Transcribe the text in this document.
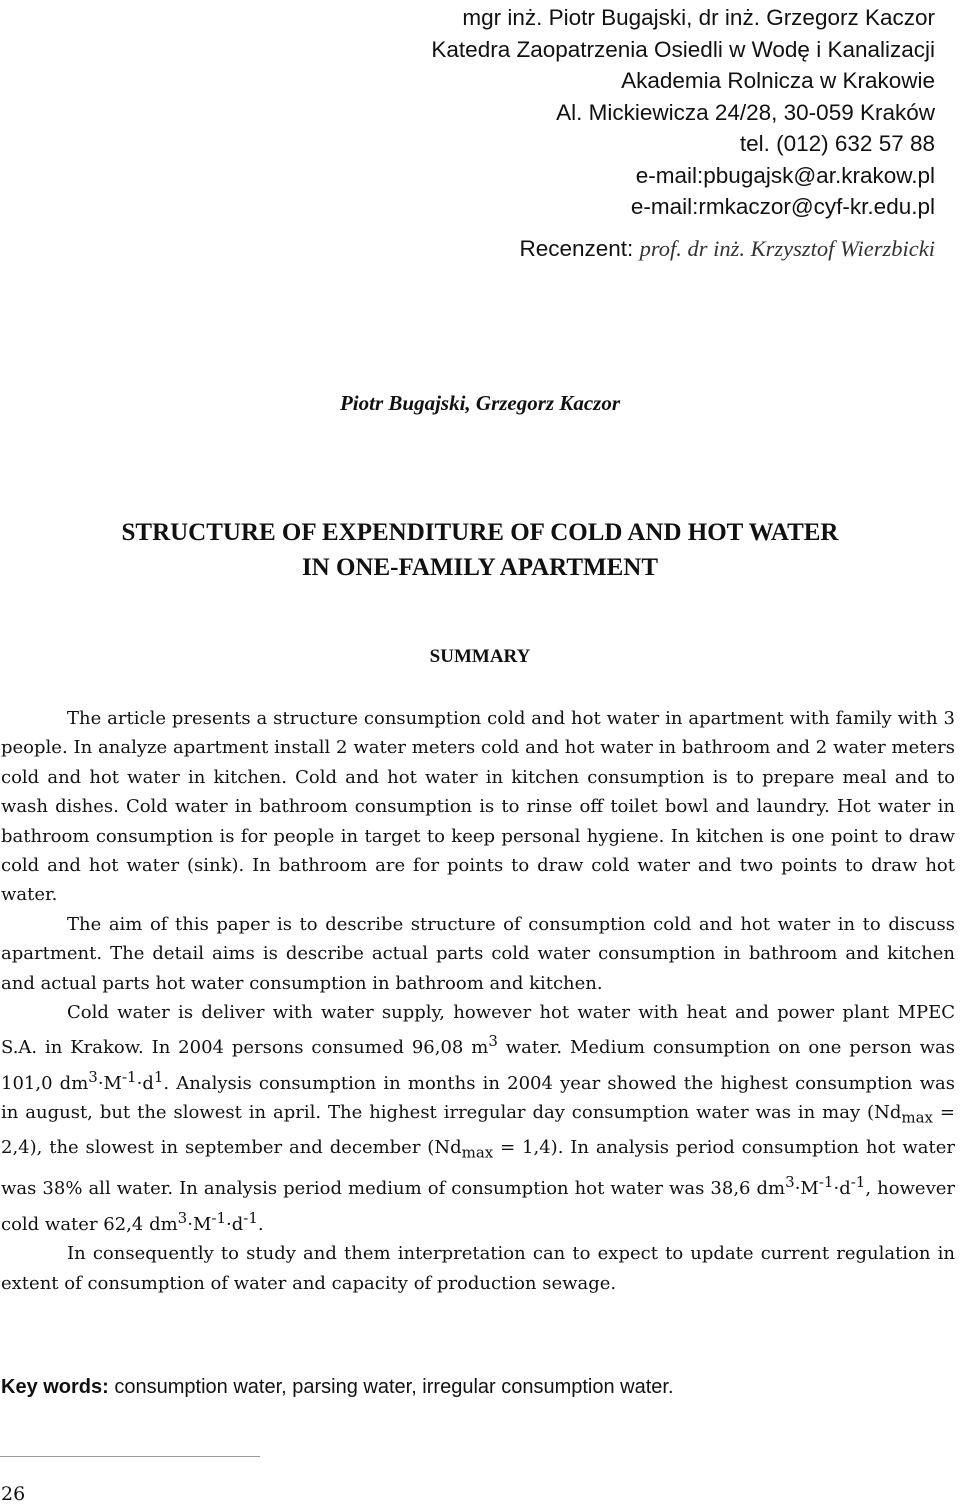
mgr inż. Piotr Bugajski, dr inż. Grzegorz Kaczor
Katedra Zaopatrzenia Osiedli w Wodę i Kanalizacji
Akademia Rolnicza w Krakowie
Al. Mickiewicza 24/28, 30-059 Kraków
tel. (012) 632 57 88
e-mail:pbugajsk@ar.krakow.pl
e-mail:rmkaczor@cyf-kr.edu.pl
Recenzent: prof. dr inż. Krzysztof Wierzbicki
Piotr Bugajski, Grzegorz Kaczor
STRUCTURE OF EXPENDITURE OF COLD AND HOT WATER
IN ONE-FAMILY APARTMENT
SUMMARY

The article presents a structure consumption cold and hot water in apartment with family with 3 people. In analyze apartment install 2 water meters cold and hot water in bathroom and 2 water meters cold and hot water in kitchen. Cold and hot water in kitchen consumption is to prepare meal and to wash dishes. Cold water in bathroom consumption is to rinse off toilet bowl and laundry. Hot water in bathroom consumption is for people in target to keep personal hygiene. In kitchen is one point to draw cold and hot water (sink). In bathroom are for points to draw cold water and two points to draw hot water.

The aim of this paper is to describe structure of consumption cold and hot water in to discuss apartment. The detail aims is describe actual parts cold water consumption in bathroom and kitchen and actual parts hot water consumption in bathroom and kitchen.

Cold water is deliver with water supply, however hot water with heat and power plant MPEC S.A. in Krakow. In 2004 persons consumed 96,08 $m^3$ water. Medium consumption on one person was 101,0 $dm^3\cdot M^{-1}\cdot d^1$. Analysis consumption in months in 2004 year showed the highest consumption was in august, but the slowest in april. The highest irregular day consumption water was in may $(Nd_{max} = 2,4)$, the slowest in september and december $(Nd_{max} = 1,4)$. In analysis period consumption hot water was 38% all water. In analysis period medium of consumption hot water was 38,6 $dm^3\cdot M^{-1}\cdot d^{-1}$, however cold water 62,4 $dm^3\cdot M^{-1}\cdot d^{-1}$.

In consequently to study and them interpretation can to expect to update current regulation in extent of consumption of water and capacity of production sewage.

Key words: consumption water, parsing water, irregular consumption water.
26
